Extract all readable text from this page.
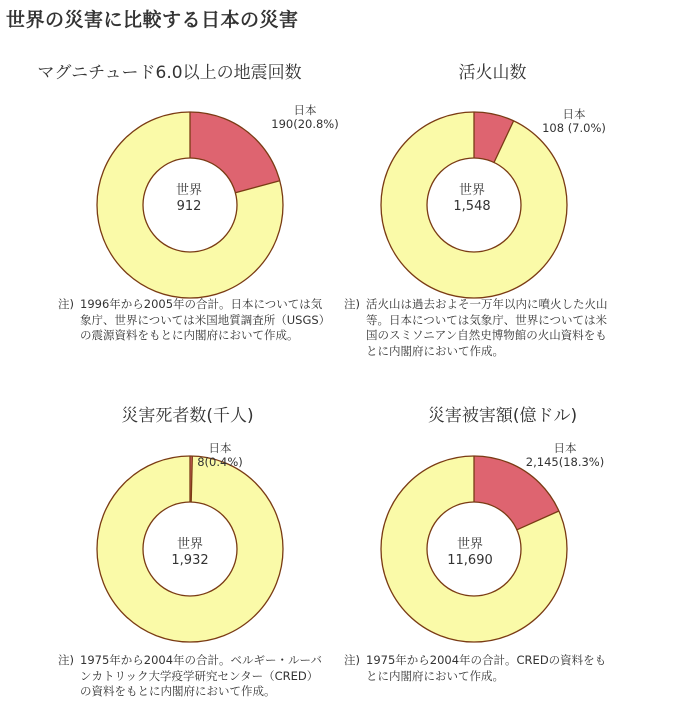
世界の災害に比較する日本の災害
マグニチュード6.0以上の地震回数
世界
912
日本
190(20.8%)
注) 1996年から2005年の合計。日本については気象庁、世界については米国地質調査所（USGS）の震源資料をもとに内閣府において作成。
活火山数
世界
1,548
日本
108 (7.0%)
注) 活火山は過去およそ一万年以内に噴火した火山等。日本については気象庁、世界については米国のスミソニアン自然史博物館の火山資料をもとに内閣府において作成。
災害死者数(千人)
世界
1,932
日本
8(0.4%)
注) 1975年から2004年の合計。ベルギー・ルーバンカトリック大学疫学研究センター（CRED）の資料をもとに内閣府において作成。
災害被害額(億ドル)
世界
11,690
日本
2,145(18.3%)
注) 1975年から2004年の合計。CREDの資料をもとに内閣府において作成。
